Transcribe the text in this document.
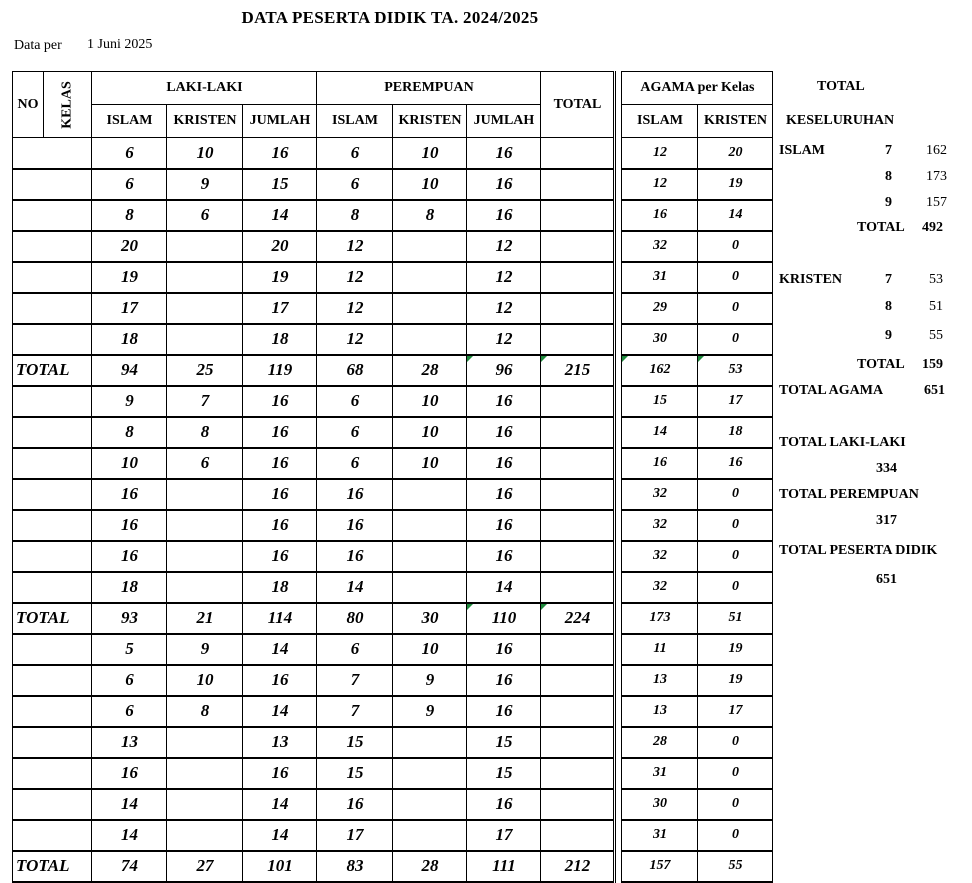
DATA PESERTA DIDIK TA. 2024/2025
Data per 1 Juni 2025
NO	KELAS	LAKI-LAKI			PEREMPUAN			TOTAL		AGAMA per Kelas	
		ISLAM	KRISTEN	JUMLAH	ISLAM	KRISTEN	JUMLAH			ISLAM	KRISTEN
		6	10	16	6	10	16			12	20
		6	9	15	6	10	16			12	19
		8	6	14	8	8	16			16	14
		20		20	12		12			32	0
		19		19	12		12			31	0
		17		17	12		12			29	0
		18		18	12		12			30	0
TOTAL		94	25	119	68	28	96	215		162	53
		9	7	16	6	10	16			15	17
		8	8	16	6	10	16			14	18
		10	6	16	6	10	16			16	16
		16		16	16		16			32	0
		16		16	16		16			32	0
		16		16	16		16			32	0
		18		18	14		14			32	0
TOTAL		93	21	114	80	30	110	224		173	51
		5	9	14	6	10	16			11	19
		6	10	16	7	9	16			13	19
		6	8	14	7	9	16			13	17
		13		13	15		15			28	0
		16		16	15		15			31	0
		14		14	16		16			30	0
		14		14	17		17			31	0
TOTAL		74	27	101	83	28	111	212		157	55
TOTAL
KESELURUHAN
ISLAM	7 162
8 173
9 157
TOTAL 492
KRISTEN	7	53
8	51
9	55
TOTAL 159
TOTAL AGAMA	651
TOTAL LAKI-LAKI
334
TOTAL PEREMPUAN
317
TOTAL PESERTA DIDIK
651
